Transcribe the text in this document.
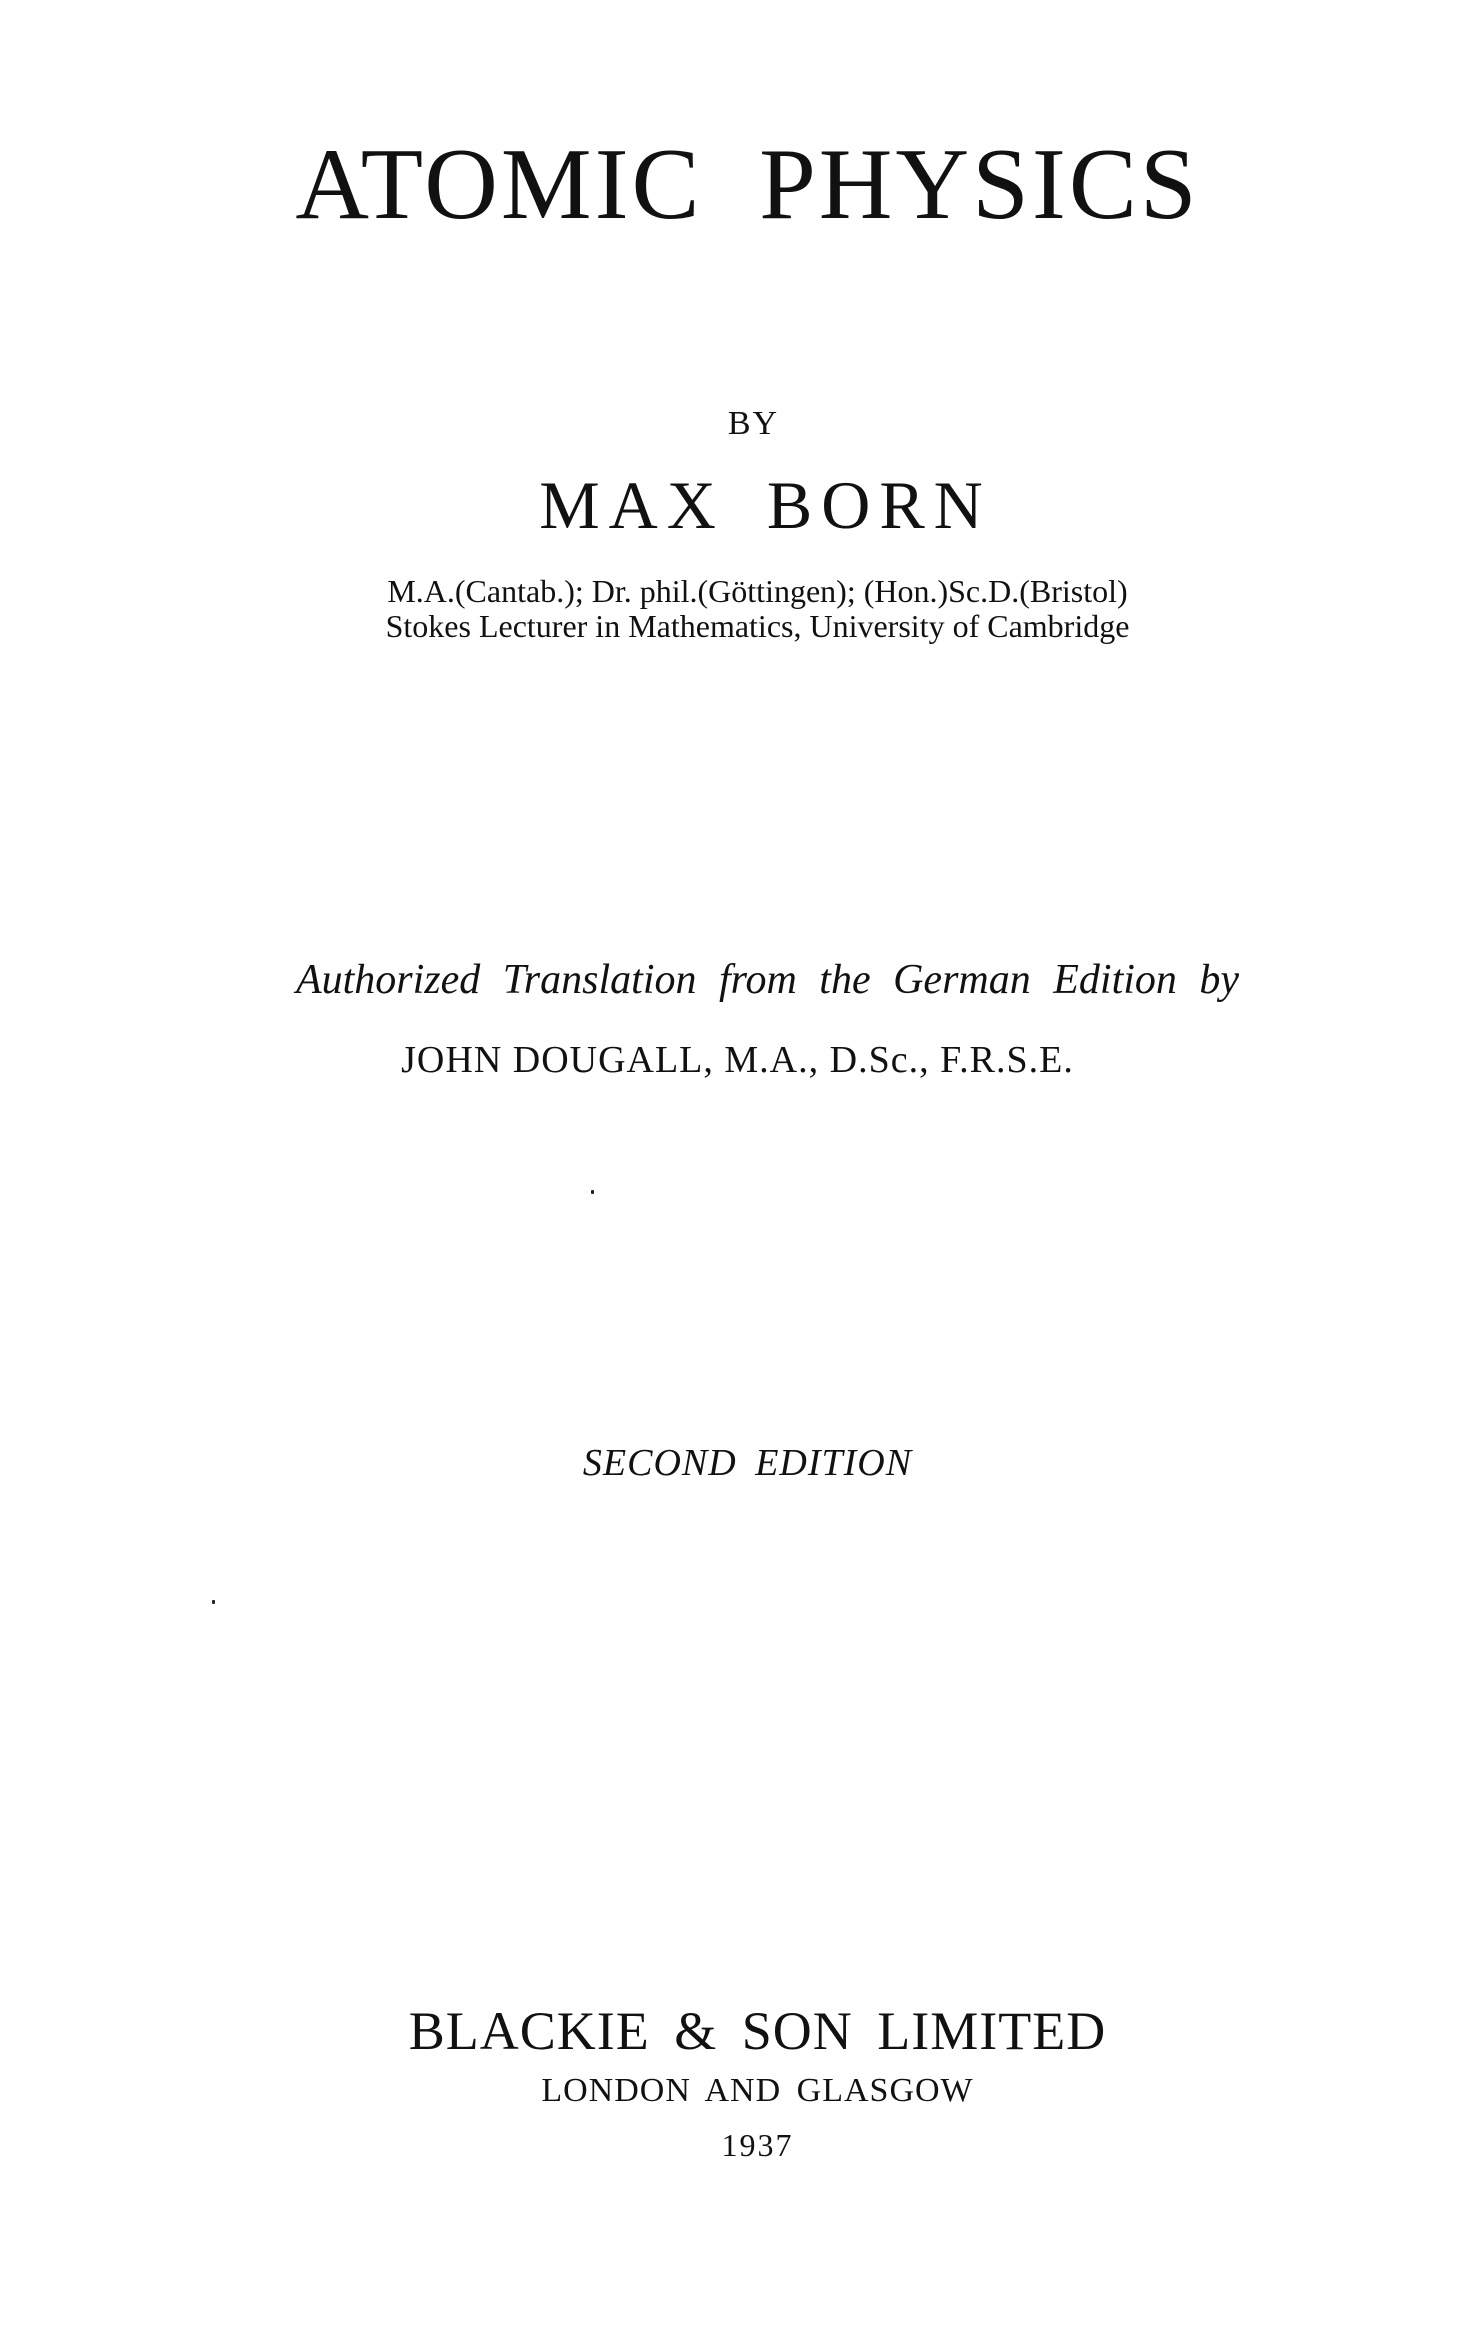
ATOMIC PHYSICS
BY
MAX BORN
M.A.(Cantab.); Dr. phil.(Göttingen); (Hon.)Sc.D.(Bristol)
Stokes Lecturer in Mathematics, University of Cambridge
Authorized Translation from the German Edition by
JOHN DOUGALL, M.A., D.Sc., F.R.S.E.
SECOND EDITION
BLACKIE & SON LIMITED
LONDON AND GLASGOW
1937
